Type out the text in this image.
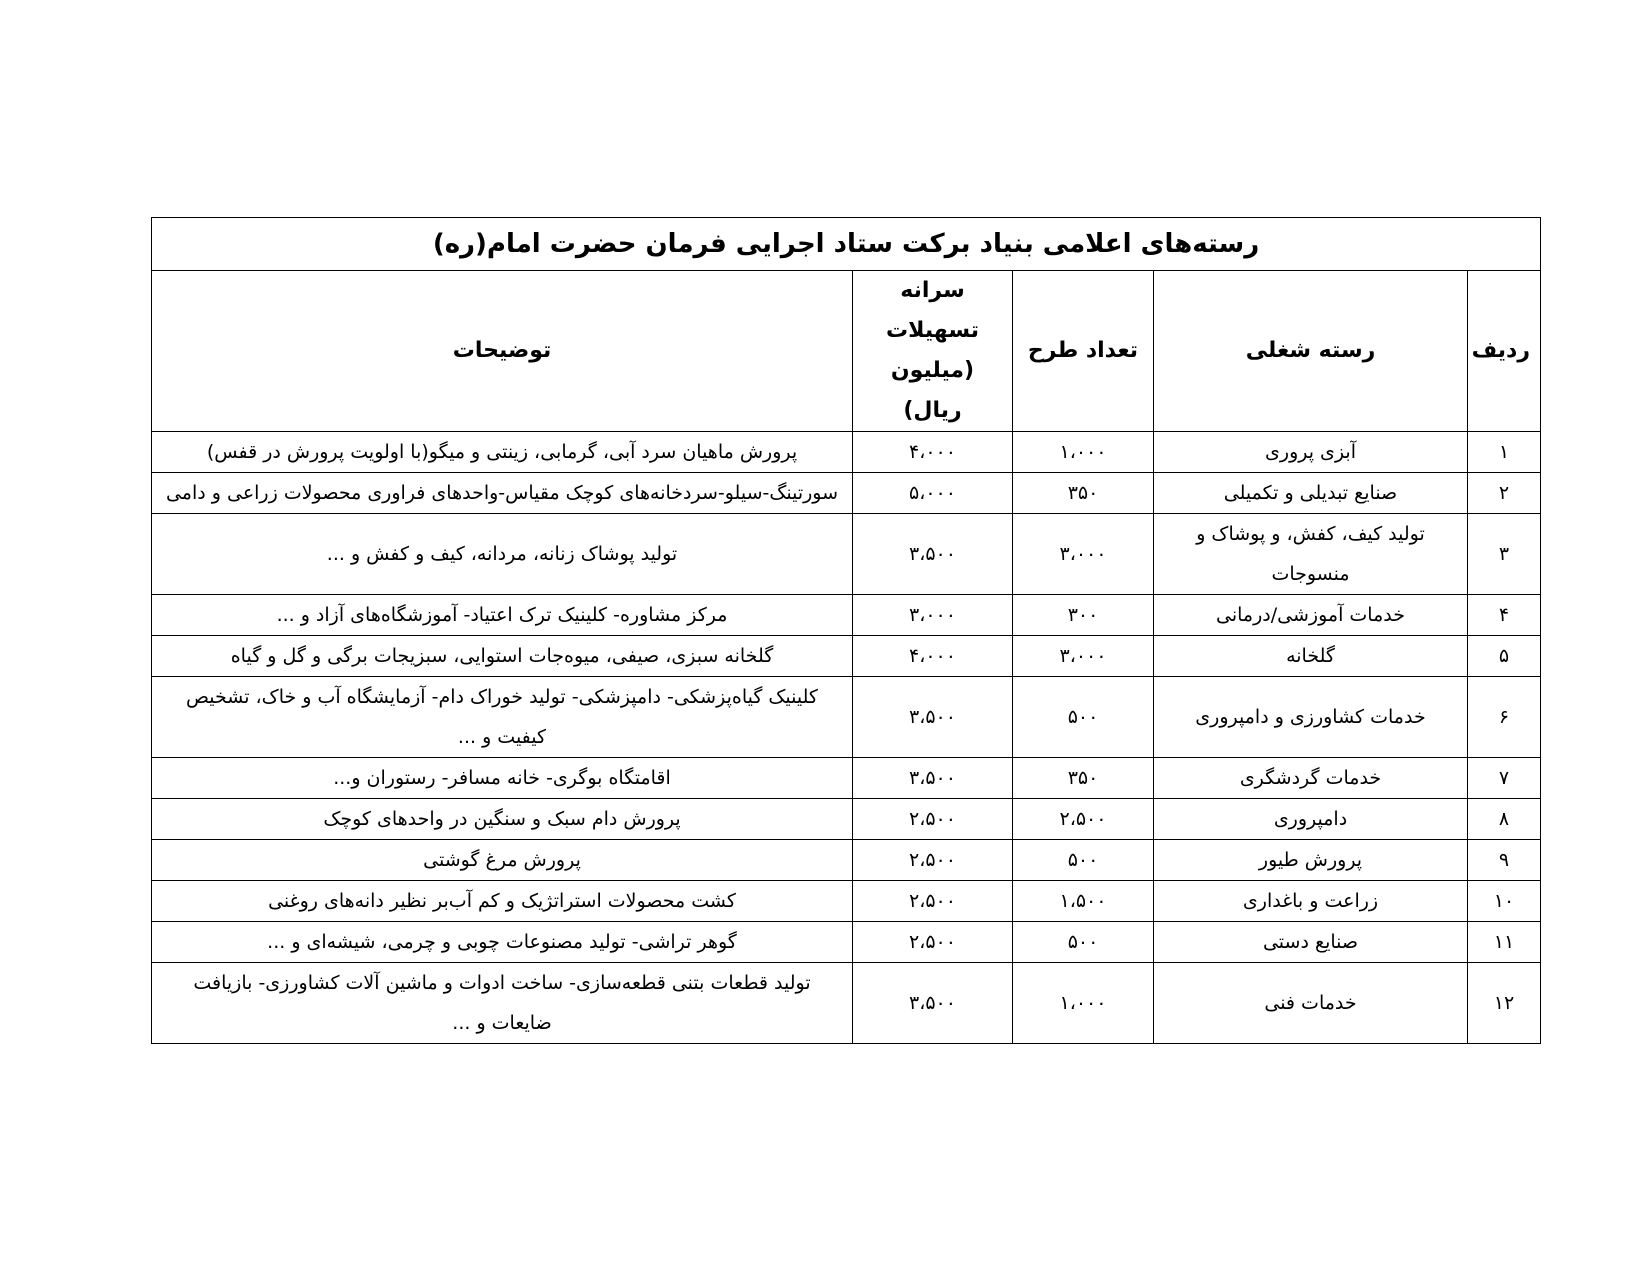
رسته‌های اعلامی بنیاد برکت ستاد اجرایی فرمان حضرت امام(ره)				
ردیف	رسته شغلی	تعداد طرح	سرانه تسهیلات (میلیون ریال)	توضیحات
۱	آبزی پروری	۱،۰۰۰	۴،۰۰۰	پرورش ماهیان سرد آبی، گرمابی، زینتی و میگو(با اولویت پرورش در قفس)
۲	صنایع تبدیلی و تکمیلی	۳۵۰	۵،۰۰۰	سورتینگ-سیلو-سردخانه‌های کوچک مقیاس-واحدهای فراوری محصولات زراعی و دامی
۳	تولید کیف، کفش، و پوشاک و منسوجات	۳،۰۰۰	۳،۵۰۰	تولید پوشاک زنانه، مردانه، کیف و کفش و ...
۴	خدمات آموزشی/درمانی	۳۰۰	۳،۰۰۰	مرکز مشاوره- کلینیک ترک اعتیاد- آموزشگاه‌های آزاد و ...
۵	گلخانه	۳،۰۰۰	۴،۰۰۰	گلخانه سبزی، صیفی، میوه‌جات استوایی، سبزیجات برگی و گل و گیاه
۶	خدمات کشاورزی و دامپروری	۵۰۰	۳،۵۰۰	کلینیک گیاه‌پزشکی- دامپزشکی- تولید خوراک دام- آزمایشگاه آب و خاک، تشخیص کیفیت و ...
۷	خدمات گردشگری	۳۵۰	۳،۵۰۰	اقامتگاه بوگری- خانه مسافر- رستوران و...
۸	دامپروری	۲،۵۰۰	۲،۵۰۰	پرورش دام سبک و سنگین در واحدهای کوچک
۹	پرورش طیور	۵۰۰	۲،۵۰۰	پرورش مرغ گوشتی
۱۰	زراعت و باغداری	۱،۵۰۰	۲،۵۰۰	کشت محصولات استراتژیک و کم آب‌بر نظیر دانه‌های روغنی
۱۱	صنایع دستی	۵۰۰	۲،۵۰۰	گوهر تراشی- تولید مصنوعات چوبی و چرمی، شیشه‌ای و ...
۱۲	خدمات فنی	۱،۰۰۰	۳،۵۰۰	تولید قطعات بتنی قطعه‌سازی- ساخت ادوات و ماشین آلات کشاورزی- بازیافت ضایعات و ...
